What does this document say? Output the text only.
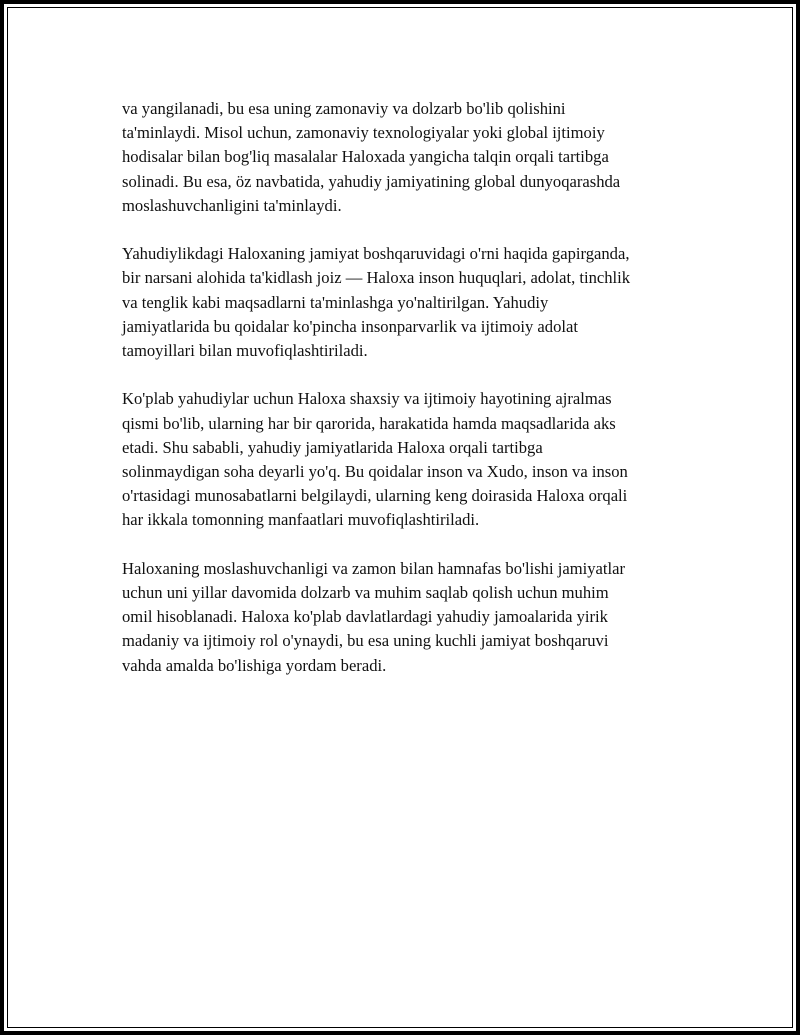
va yangilanadi, bu esa uning zamonaviy va dolzarb bo'lib qolishini
ta'minlaydi. Misol uchun, zamonaviy texnologiyalar yoki global ijtimoiy
hodisalar bilan bog'liq masalalar Haloxada yangicha talqin orqali tartibga
solinadi. Bu esa, öz navbatida, yahudiy jamiyatining global dunyoqarashda
moslashuvchanligini ta'minlaydi.

Yahudiylikdagi Haloxaning jamiyat boshqaruvidagi o'rni haqida gapirganda,
bir narsani alohida ta'kidlash joiz — Haloxa inson huquqlari, adolat, tinchlik
va tenglik kabi maqsadlarni ta'minlashga yo'naltirilgan. Yahudiy
jamiyatlarida bu qoidalar ko'pincha insonparvarlik va ijtimoiy adolat
tamoyillari bilan muvofiqlashtiriladi.

Ko'plab yahudiylar uchun Haloxa shaxsiy va ijtimoiy hayotining ajralmas
qismi bo'lib, ularning har bir qarorida, harakatida hamda maqsadlarida aks
etadi. Shu sababli, yahudiy jamiyatlarida Haloxa orqali tartibga
solinmaydigan soha deyarli yo'q. Bu qoidalar inson va Xudo, inson va inson
o'rtasidagi munosabatlarni belgilaydi, ularning keng doirasida Haloxa orqali
har ikkala tomonning manfaatlari muvofiqlashtiriladi.

Haloxaning moslashuvchanligi va zamon bilan hamnafas bo'lishi jamiyatlar
uchun uni yillar davomida dolzarb va muhim saqlab qolish uchun muhim
omil hisoblanadi. Haloxa ko'plab davlatlardagi yahudiy jamoalarida yirik
madaniy va ijtimoiy rol o'ynaydi, bu esa uning kuchli jamiyat boshqaruvi
vahda amalda bo'lishiga yordam beradi.
